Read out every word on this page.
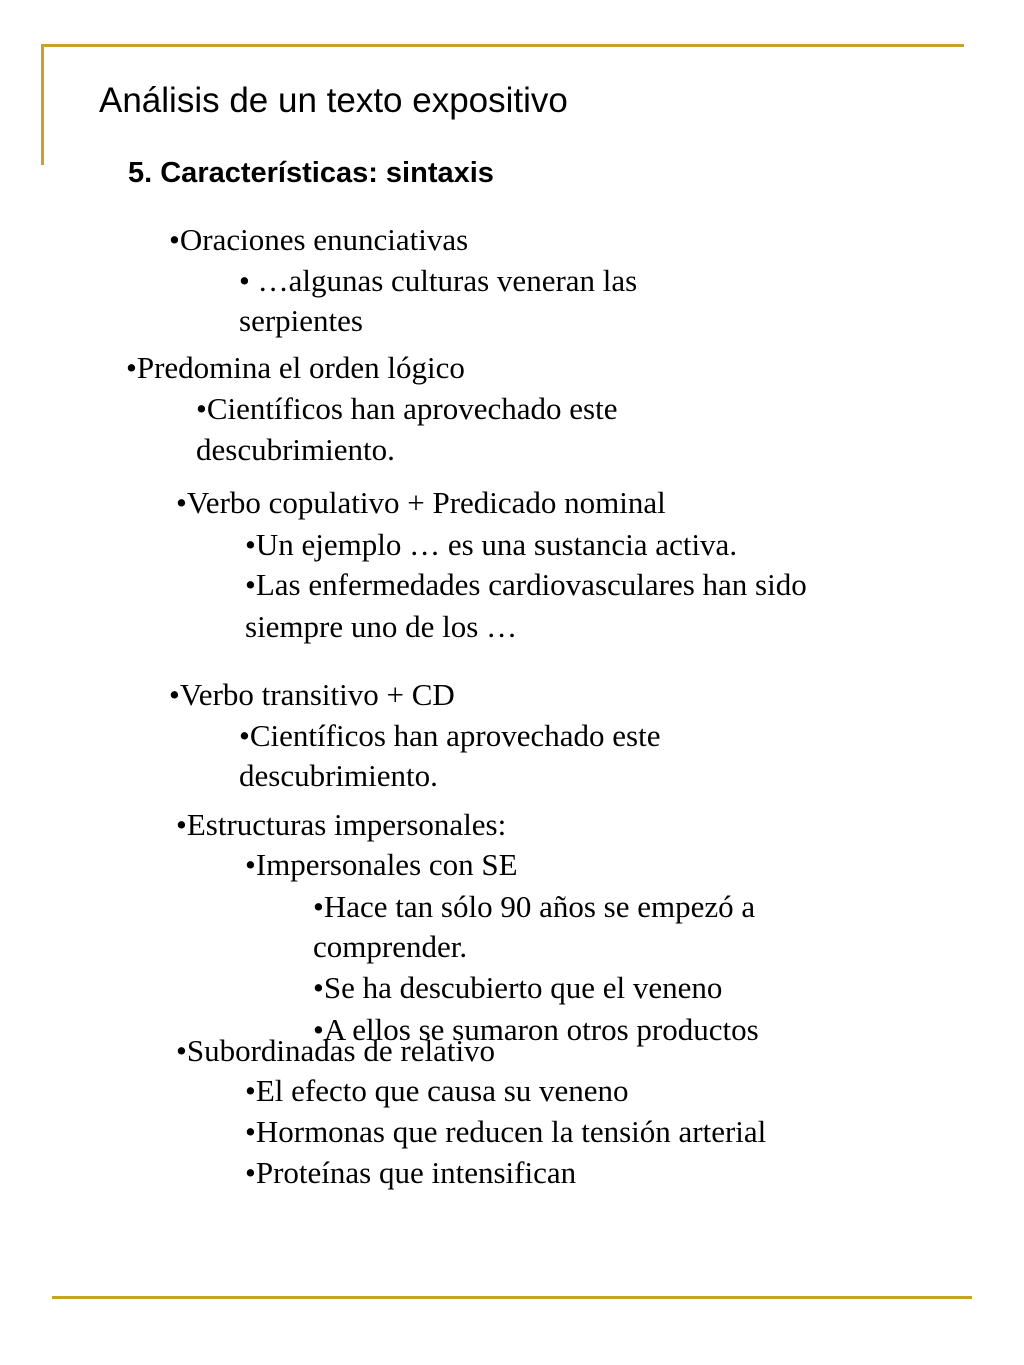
Análisis de un texto expositivo
5. Características: sintaxis
•Oraciones enunciativas
• …algunas culturas veneran las
serpientes
•Predomina el orden lógico
•Científicos han aprovechado este
descubrimiento.
•Verbo copulativo + Predicado nominal
•Un ejemplo … es una sustancia activa.
•Las enfermedades cardiovasculares han sido
siempre uno de los …
•Verbo transitivo + CD
•Científicos han aprovechado este
descubrimiento.
•Estructuras impersonales:
•Impersonales con SE
•Hace tan sólo 90 años se empezó a
comprender.
•Se ha descubierto que el veneno
•A ellos se sumaron otros productos
•Subordinadas de relativo
•El efecto que causa su veneno
•Hormonas que reducen la tensión arterial
•Proteínas que intensifican
